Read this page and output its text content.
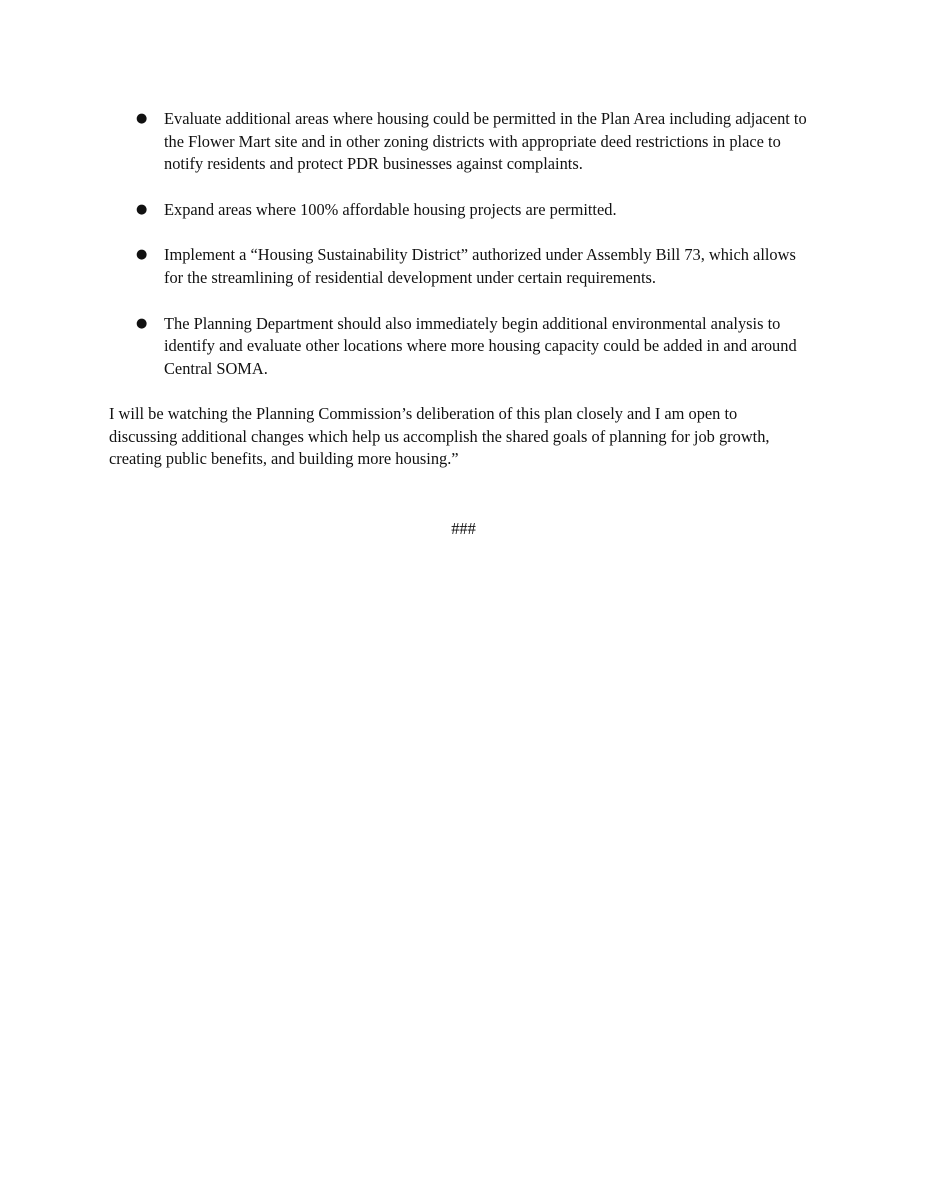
● Evaluate additional areas where housing could be permitted in the Plan Area including adjacent to
the Flower Mart site and in other zoning districts with appropriate deed restrictions in place to
notify residents and protect PDR businesses against complaints.
● Expand areas where 100% affordable housing projects are permitted.
● Implement a “Housing Sustainability District” authorized under Assembly Bill 73, which allows
for the streamlining of residential development under certain requirements.
● The Planning Department should also immediately begin additional environmental analysis to
identify and evaluate other locations where more housing capacity could be added in and around
Central SOMA.

I will be watching the Planning Commission’s deliberation of this plan closely and I am open to
discussing additional changes which help us accomplish the shared goals of planning for job growth,
creating public benefits, and building more housing.”

###
